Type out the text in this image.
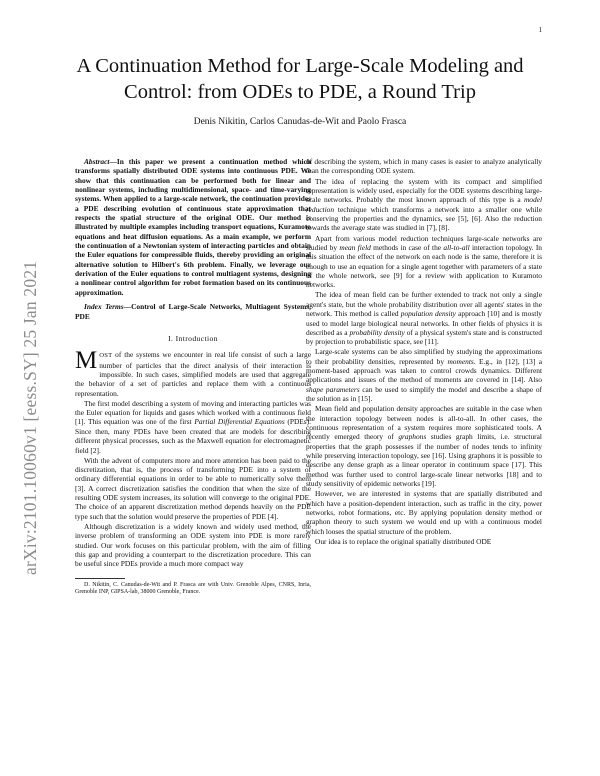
1
arXiv:2101.10060v1 [eess.SY] 25 Jan 2021
A Continuation Method for Large-Scale Modeling and Control: from ODEs to PDE, a Round Trip
Denis Nikitin, Carlos Canudas-de-Wit and Paolo Frasca

Abstract—In this paper we present a continuation method which transforms spatially distributed ODE systems into continuous PDE. We show that this continuation can be performed both for linear and nonlinear systems, including multidimensional, space- and time-varying systems. When applied to a large-scale network, the continuation provides a PDE describing evolution of continuous state approximation that respects the spatial structure of the original ODE. Our method is illustrated by multiple examples including transport equations, Kuramoto equations and heat diffusion equations. As a main example, we perform the continuation of a Newtonian system of interacting particles and obtain the Euler equations for compressible fluids, thereby providing an original alternative solution to Hilbert's 6th problem. Finally, we leverage our derivation of the Euler equations to control multiagent systems, designing a nonlinear control algorithm for robot formation based on its continuous approximation.

Index Terms—Control of Large-Scale Networks, Multiagent Systems, PDE

I. Introduction

MOST of the systems we encounter in real life consist of such a large number of particles that the direct analysis of their interaction is impossible. In such cases, simplified models are used that aggregate the behavior of a set of particles and replace them with a continuous representation.

The first model describing a system of moving and interacting particles was the Euler equation for liquids and gases which worked with a continuous field [1]. This equation was one of the first Partial Differential Equations (PDEs). Since then, many PDEs have been created that are models for describing different physical processes, such as the Maxwell equation for electromagnetic field [2].

With the advent of computers more and more attention has been paid to the discretization, that is, the process of transforming PDE into a system of ordinary differential equations in order to be able to numerically solve them [3]. A correct discretization satisfies the condition that when the size of the resulting ODE system increases, its solution will converge to the original PDE. The choice of an apparent discretization method depends heavily on the PDE type such that the solution would preserve the properties of PDE [4].

Although discretization is a widely known and widely used method, the inverse problem of transforming an ODE system into PDE is more rarely studied. Our work focuses on this particular problem, with the aim of filling this gap and providing a counterpart to the discretization procedure. This can be useful since PDEs provide a much more compact way

D. Nikitin, C. Canudas-de-Wit and P. Frasca are with Univ. Grenoble Alpes, CNRS, Inria, Grenoble INP, GIPSA-lab, 38000 Grenoble, France.

of describing the system, which in many cases is easier to analyze analytically than the corresponding ODE system.

The idea of replacing the system with its compact and simplified representation is widely used, especially for the ODE systems describing large-scale networks. Probably the most known approach of this type is a model reduction technique which transforms a network into a smaller one while conserving the properties and the dynamics, see [5], [6]. Also the reduction towards the average state was studied in [7], [8].

Apart from various model reduction techniques large-scale networks are studied by mean field methods in case of the all-to-all interaction topology. In this situation the effect of the network on each node is the same, therefore it is enough to use an equation for a single agent together with parameters of a state of the whole network, see [9] for a review with application to Kuramoto networks.

The idea of mean field can be further extended to track not only a single agent's state, but the whole probability distribution over all agents' states in the network. This method is called population density approach [10] and is mostly used to model large biological neural networks. In other fields of physics it is described as a probability density of a physical system's state and is constructed by projection to probabilistic space, see [11].

Large-scale systems can be also simplified by studying the approximations to their probability densities, represented by moments. E.g., in [12], [13] a moment-based approach was taken to control crowds dynamics. Different applications and issues of the method of moments are covered in [14]. Also shape parameters can be used to simplify the model and describe a shape of the solution as in [15].

Mean field and population density approaches are suitable in the case when the interaction topology between nodes is all-to-all. In other cases, the continuous representation of a system requires more sophisticated tools. A recently emerged theory of graphons studies graph limits, i.e. structural properties that the graph possesses if the number of nodes tends to infinity while preserving interaction topology, see [16]. Using graphons it is possible to describe any dense graph as a linear operator in continuum space [17]. This method was further used to control large-scale linear networks [18] and to study sensitivity of epidemic networks [19].

However, we are interested in systems that are spatially distributed and which have a position-dependent interaction, such as traffic in the city, power networks, robot formations, etc. By applying population density method or graphon theory to such system we would end up with a continuous model which looses the spatial structure of the problem.

Our idea is to replace the original spatially distributed ODE
